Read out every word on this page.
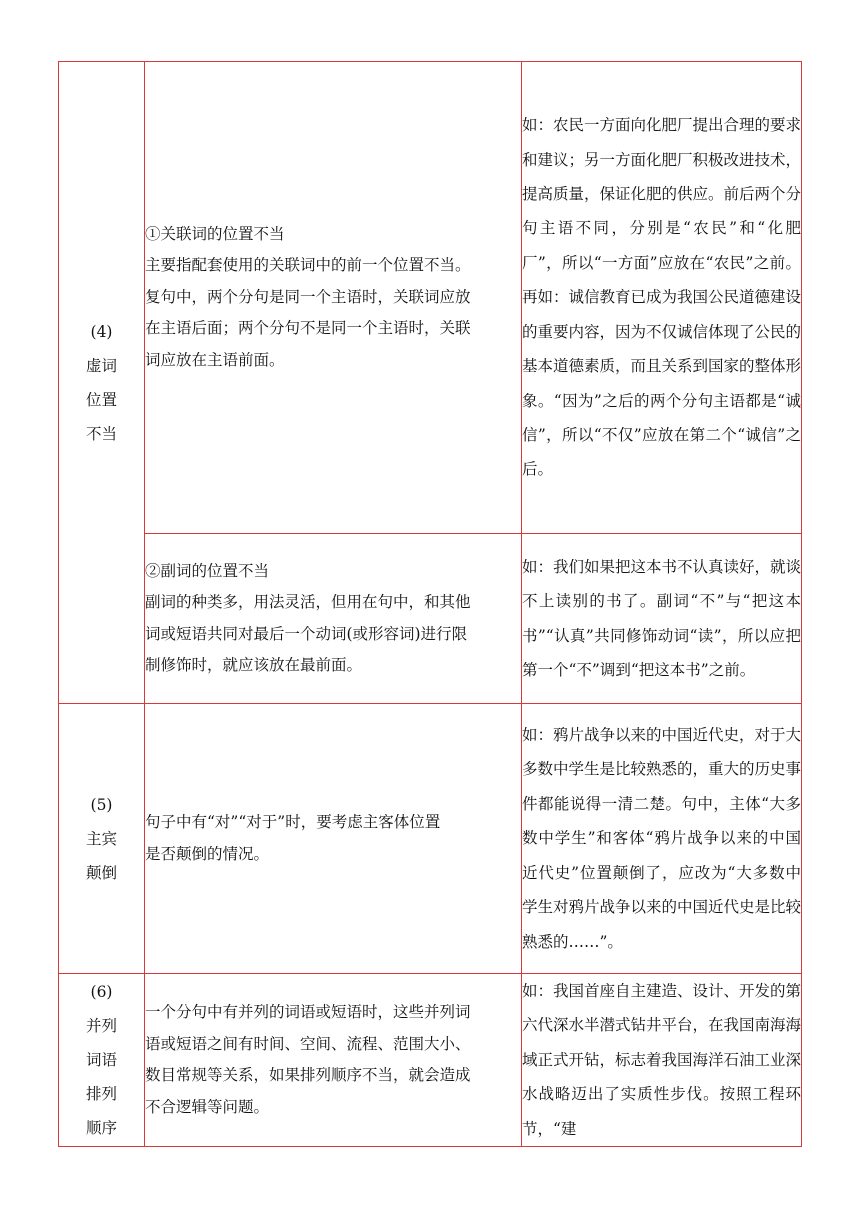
(4)
虚词
位置
不当	①关联词的位置不当
主要指配套使用的关联词中的前一个位置不当。
复句中，两个分句是同一个主语时，关联词应放
在主语后面；两个分句不是同一个主语时，关联
词应放在主语前面。	如：农民一方面向化肥厂提出合理的要求和建议；另一方面化肥厂积极改进技术，提高质量，保证化肥的供应。前后两个分句主语不同，分别是“农民”和“化肥厂”，所以“一方面”应放在“农民”之前。再如：诚信教育已成为我国公民道德建设的重要内容，因为不仅诚信体现了公民的基本道德素质，而且关系到国家的整体形象。“因为”之后的两个分句主语都是“诚信”，所以“不仅”应放在第二个“诚信”之后。

	②副词的位置不当
副词的种类多，用法灵活，但用在句中，和其他
词或短语共同对最后一个动词(或形容词)进行限
制修饰时，就应该放在最前面。	如：我们如果把这本书不认真读好，就谈不上读别的书了。副词“不”与“把这本书”“认真”共同修饰动词“读”，所以应把第一个“不”调到“把这本书”之前。

(5)
主宾
颠倒	句子中有“对”“对于”时，要考虑主客体位置
是否颠倒的情况。	如：鸦片战争以来的中国近代史，对于大多数中学生是比较熟悉的，重大的历史事件都能说得一清二楚。句中，主体“大多数中学生”和客体“鸦片战争以来的中国近代史”位置颠倒了，应改为“大多数中学生对鸦片战争以来的中国近代史是比较熟悉的……”。

(6)
并列
词语
排列
顺序	一个分句中有并列的词语或短语时，这些并列词
语或短语之间有时间、空间、流程、范围大小、
数目常规等关系，如果排列顺序不当，就会造成
不合逻辑等问题。	如：我国首座自主建造、设计、开发的第六代深水半潜式钻井平台，在我国南海海域正式开钻，标志着我国海洋石油工业深水战略迈出了实质性步伐。按照工程环节，“建
